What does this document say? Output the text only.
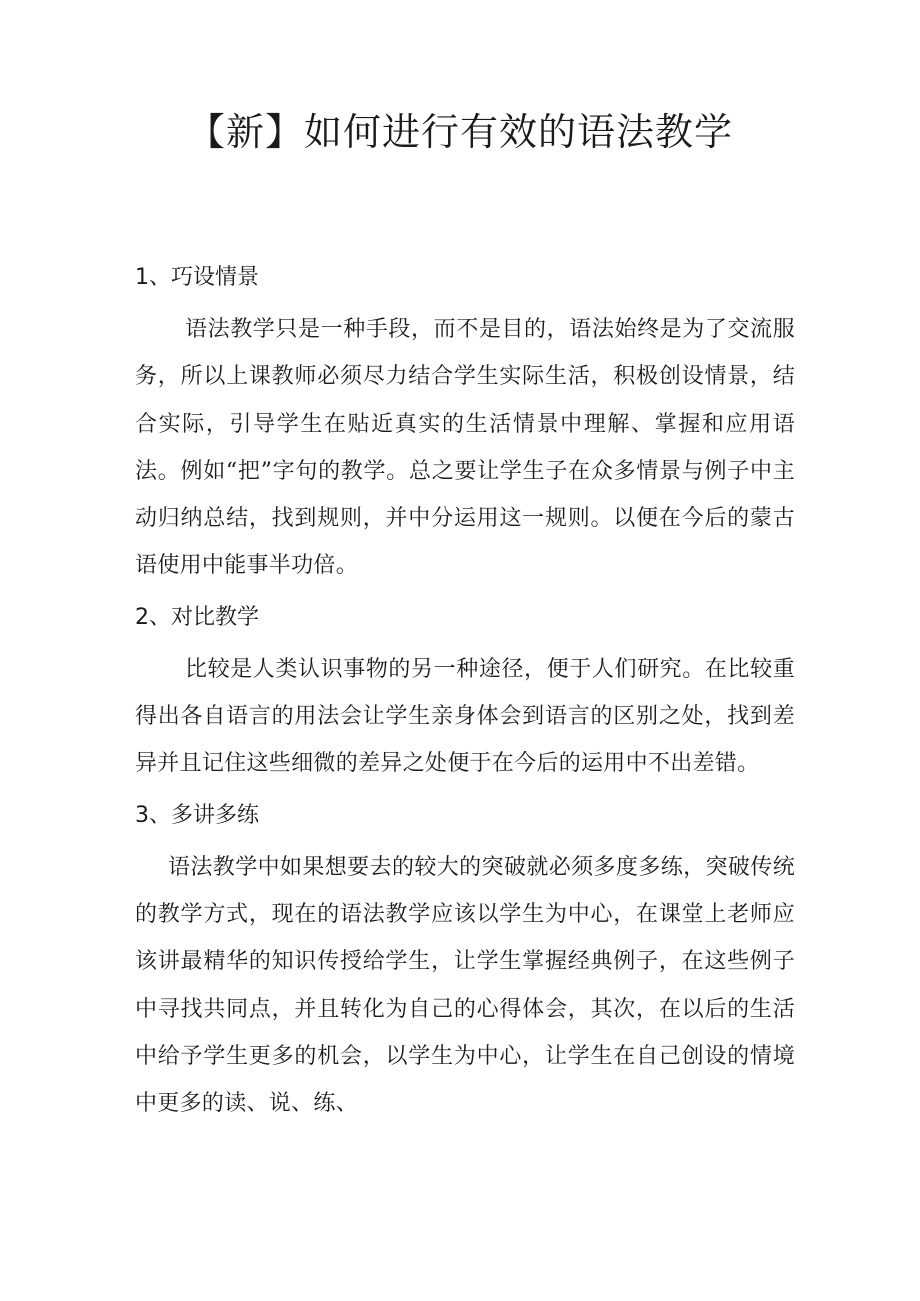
【新】如何进行有效的语法教学
1、巧设情景

语法教学只是一种手段，而不是目的，语法始终是为了交流服务，所以上课教师必须尽力结合学生实际生活，积极创设情景，结合实际，引导学生在贴近真实的生活情景中理解、掌握和应用语法。例如“把”字句的教学。总之要让学生子在众多情景与例子中主动归纳总结，找到规则，并中分运用这一规则。以便在今后的蒙古语使用中能事半功倍。

2、对比教学

比较是人类认识事物的另一种途径，便于人们研究。在比较重得出各自语言的用法会让学生亲身体会到语言的区别之处，找到差异并且记住这些细微的差异之处便于在今后的运用中不出差错。

3、多讲多练

语法教学中如果想要去的较大的突破就必须多度多练，突破传统的教学方式，现在的语法教学应该以学生为中心，在课堂上老师应该讲最精华的知识传授给学生，让学生掌握经典例子，在这些例子中寻找共同点，并且转化为自己的心得体会，其次，在以后的生活中给予学生更多的机会，以学生为中心，让学生在自己创设的情境中更多的读、说、练、
